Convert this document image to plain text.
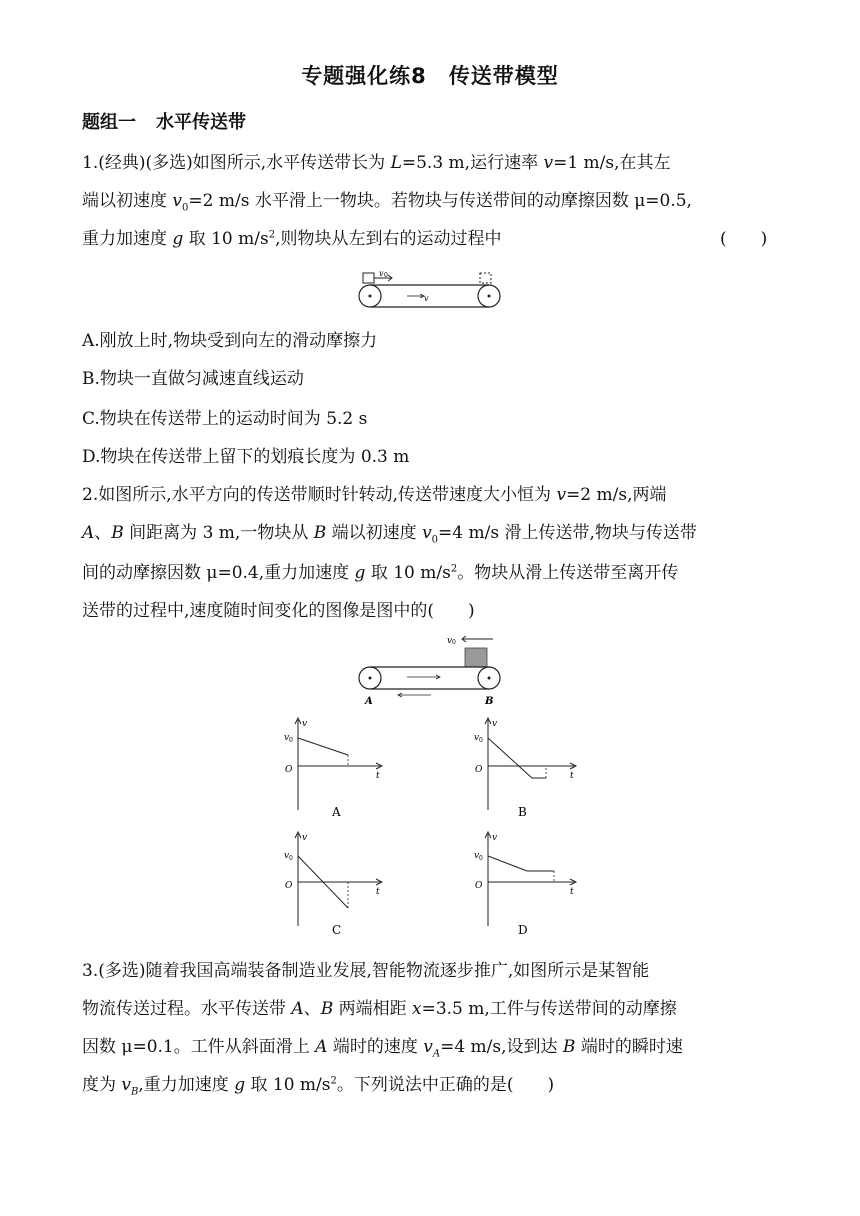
专题强化练8 传送带模型
题组一 水平传送带
1.(经典)(多选)如图所示,水平传送带长为 L=5.3 m,运行速率 v=1 m/s,在其左
端以初速度 $v_0=2$ m/s 水平滑上一物块。若物块与传送带间的动摩擦因数 μ=0.5,
重力加速度 g 取 10 $m/s^2$,则物块从左到右的运动过程中	(　　)
v 0
v
A.刚放上时,物块受到向左的滑动摩擦力
B.物块一直做匀减速直线运动
C.物块在传送带上的运动时间为 5.2 s
D.物块在传送带上留下的划痕长度为 0.3 m
2.如图所示,水平方向的传送带顺时针转动,传送带速度大小恒为 v=2 m/s,两端
A、B 间距离为 3 m,一物块从 B 端以初速度 $v_0=4$ m/s 滑上传送带,物块与传送带
间的动摩擦因数 μ=0.4,重力加速度 g 取 10 $m/s^2$。物块从滑上传送带至离开传
送带的过程中,速度随时间变化的图像是图中的(　　)
v 0
A	B
v
v 0
O
t
A
v
v 0
O
t
B
v
v 0
O
t
C
v
v 0
O
t
D
3.(多选)随着我国高端装备制造业发展,智能物流逐步推广,如图所示是某智能
物流传送过程。水平传送带 A、B 两端相距 x=3.5 m,工件与传送带间的动摩擦
因数 μ=0.1。工件从斜面滑上 A 端时的速度 $v_A=4$ m/s,设到达 B 端时的瞬时速
度为 $v_B$,重力加速度 g 取 10 $m/s^2$。下列说法中正确的是(　　)
